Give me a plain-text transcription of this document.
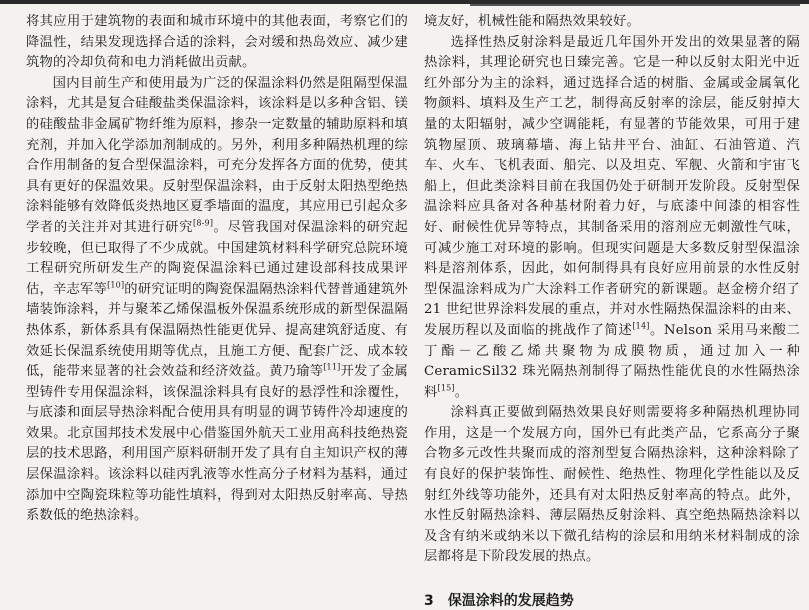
将其应用于建筑物的表面和城市环境中的其他表面，考察它们的降温性，结果发现选择合适的涂料，会对缓和热岛效应、减少建筑物的冷却负荷和电力消耗做出贡献。

国内目前生产和使用最为广泛的保温涂料仍然是阻隔型保温涂料，尤其是复合硅酸盐类保温涂料，该涂料是以多种含铝、镁的硅酸盐非金属矿物纤维为原料，掺杂一定数量的辅助原料和填充剂，并加入化学添加剂制成的。另外，利用多种隔热机理的综合作用制备的复合型保温涂料，可充分发挥各方面的优势，使其具有更好的保温效果。反射型保温涂料，由于反射太阳热型绝热涂料能够有效降低炎热地区夏季墙面的温度，其应用已引起众多学者的关注并对其进行研究[8-9]。尽管我国对保温涂料的研究起步较晚，但已取得了不少成就。中国建筑材料科学研究总院环境工程研究所研发生产的陶瓷保温涂料已通过建设部科技成果评估，辛志军等[10]的研究证明的陶瓷保温隔热涂料代替普通建筑外墙装饰涂料，并与聚苯乙烯保温板外保温系统形成的新型保温隔热体系，新体系具有保温隔热性能更优异、提高建筑舒适度、有效延长保温系统使用期等优点，且施工方便、配套广泛、成本较低，能带来显著的社会效益和经济效益。黄乃瑜等[11]开发了金属型铸件专用保温涂料，该保温涂料具有良好的悬浮性和涂覆性，与底漆和面层导热涂料配合使用具有明显的调节铸件冷却速度的效果。北京国邦技术发展中心借鉴国外航天工业用高科技绝热瓷层的技术思路，利用国产原料研制开发了具有自主知识产权的薄层保温涂料。该涂料以硅丙乳液等水性高分子材料为基料，通过添加中空陶瓷珠粒等功能性填料，得到对太阳热反射率高、导热系数低的绝热涂料。

境友好，机械性能和隔热效果较好。

选择性热反射涂料是最近几年国外开发出的效果显著的隔热涂料，其理论研究也日臻完善。它是一种以反射太阳光中近红外部分为主的涂料，通过选择合适的树脂、金属或金属氧化物颜料、填料及生产工艺，制得高反射率的涂层，能反射掉大量的太阳辐射，减少空调能耗，有显著的节能效果，可用于建筑物屋顶、玻璃幕墙、海上钻井平台、油缸、石油管道、汽车、火车、飞机表面、船完、以及坦克、军舰、火箭和宇宙飞船上，但此类涂料目前在我国仍处于研制开发阶段。反射型保温涂料应具备对各种基材附着力好，与底漆中间漆的相容性好、耐候性优异等特点，其制备采用的溶剂应无刺激性气味，可减少施工对环境的影响。但现实问题是大多数反射型保温涂料是溶剂体系，因此，如何制得具有良好应用前景的水性反射型保温涂料成为广大涂料工作者研究的新课题。赵金榜介绍了 21 世纪世界涂料发展的重点，并对水性隔热保温涂料的由来、发展历程以及面临的挑战作了简述[14]。Nelson 采用马来酸二丁酯－乙酸乙烯共聚物为成膜物质，通过加入一种 CeramicSil32 珠光隔热剂制得了隔热性能优良的水性隔热涂料[15]。

涂料真正要做到隔热效果良好则需要将多种隔热机理协同作用，这是一个发展方向，国外已有此类产品，它系高分子聚合物多元改性共聚而成的溶剂型复合隔热涂料，这种涂料除了有良好的保护装饰性、耐候性、绝热性、物理化学性能以及反射红外线等功能外，还具有对太阳热反射率高的特点。此外，水性反射隔热涂料、薄层隔热反射涂料、真空绝热隔热涂料以及含有纳米或纳米以下微孔结构的涂层和用纳米材料制成的涂层都将是下阶段发展的热点。

3　保温涂料的发展趋势
